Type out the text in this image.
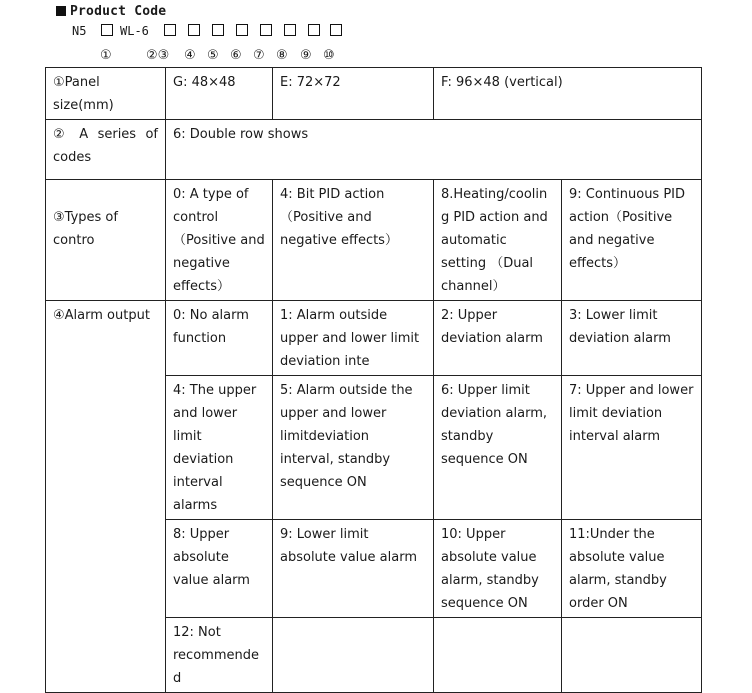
Product Code
N5	WL-6
①	②③ ④ ⑤ ⑥ ⑦ ⑧ ⑨ ⑩
①Panel size(mm)	G: 48×48	E: 72×72	F: 96×48 (vertical)	
② A series of codes	6: Double row shows			
③Types of contro	0: A type of control （Positive and negative effects）	4: Bit PID action （Positive and negative effects）	8.Heating/cooling PID action and automatic setting （Dual channel）	9: Continuous PID action（Positive and negative effects）
④Alarm output	0: No alarm function	1: Alarm outside upper and lower limit deviation inte	2: Upper deviation alarm	3: Lower limit deviation alarm
	4: The upper and lower limit deviation interval alarms	5: Alarm outside the upper and lower limitdeviation interval, standby sequence ON	6: Upper limit deviation alarm, standby sequence ON	7: Upper and lower limit deviation interval alarm
	8: Upper absolute value alarm	9: Lower limit absolute value alarm	10: Upper absolute value alarm, standby sequence ON	11:Under the absolute value alarm, standby order ON
	12: Not recommended			
